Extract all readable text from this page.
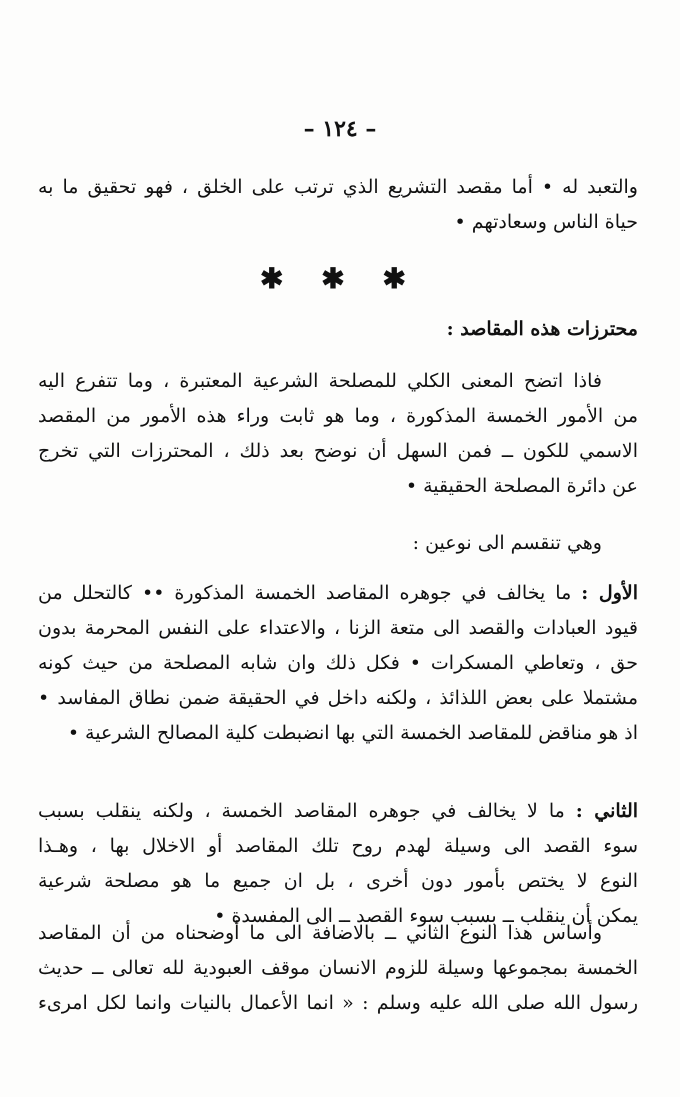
– ١٢٤ –
والتعبد له • أما مقصد التشريع الذي ترتب على الخلق ، فهو تحقيق ما به
حياة الناس وسعادتهم •
✱ ✱ ✱
محترزات هذه المقاصد :
فاذا اتضح المعنى الكلي للمصلحة الشرعية المعتبرة ، وما تتفرع اليه
من الأمور الخمسة المذكورة ، وما هو ثابت وراء هذه الأمور من المقصد
الاسمي للكون ــ فمن السهل أن نوضح بعد ذلك ، المحترزات التي تخرج
عن دائرة المصلحة الحقيقية •
وهي تنقسم الى نوعين :
الأول : ما يخالف في جوهره المقاصد الخمسة المذكورة •• كالتحلل من
قيود العبادات والقصد الى متعة الزنا ، والاعتداء على النفس المحرمة بدون
حق ، وتعاطي المسكرات • فكل ذلك وان شابه المصلحة من حيث كونه
مشتملا على بعض اللذائذ ، ولكنه داخل في الحقيقة ضمن نطاق المفاسد •
اذ هو مناقض للمقاصد الخمسة التي بها انضبطت كلية المصالح الشرعية •
الثاني : ما لا يخالف في جوهره المقاصد الخمسة ، ولكنه ينقلب بسبب
سوء القصد الى وسيلة لهدم روح تلك المقاصد أو الاخلال بها ، وهـذا
النوع لا يختص بأمور دون أخرى ، بل ان جميع ما هو مصلحة شرعية
يمكن أن ينقلب ــ بسبب سوء القصد ــ الى المفسدة •
وأساس هذا النوع الثاني ــ بالاضافة الى ما أوضحناه من أن المقاصد
الخمسة بمجموعها وسيلة للزوم الانسان موقف العبودية لله تعالى ــ حديث
رسول الله صلى الله عليه وسلم : « انما الأعمال بالنيات وانما لكل امرىء
